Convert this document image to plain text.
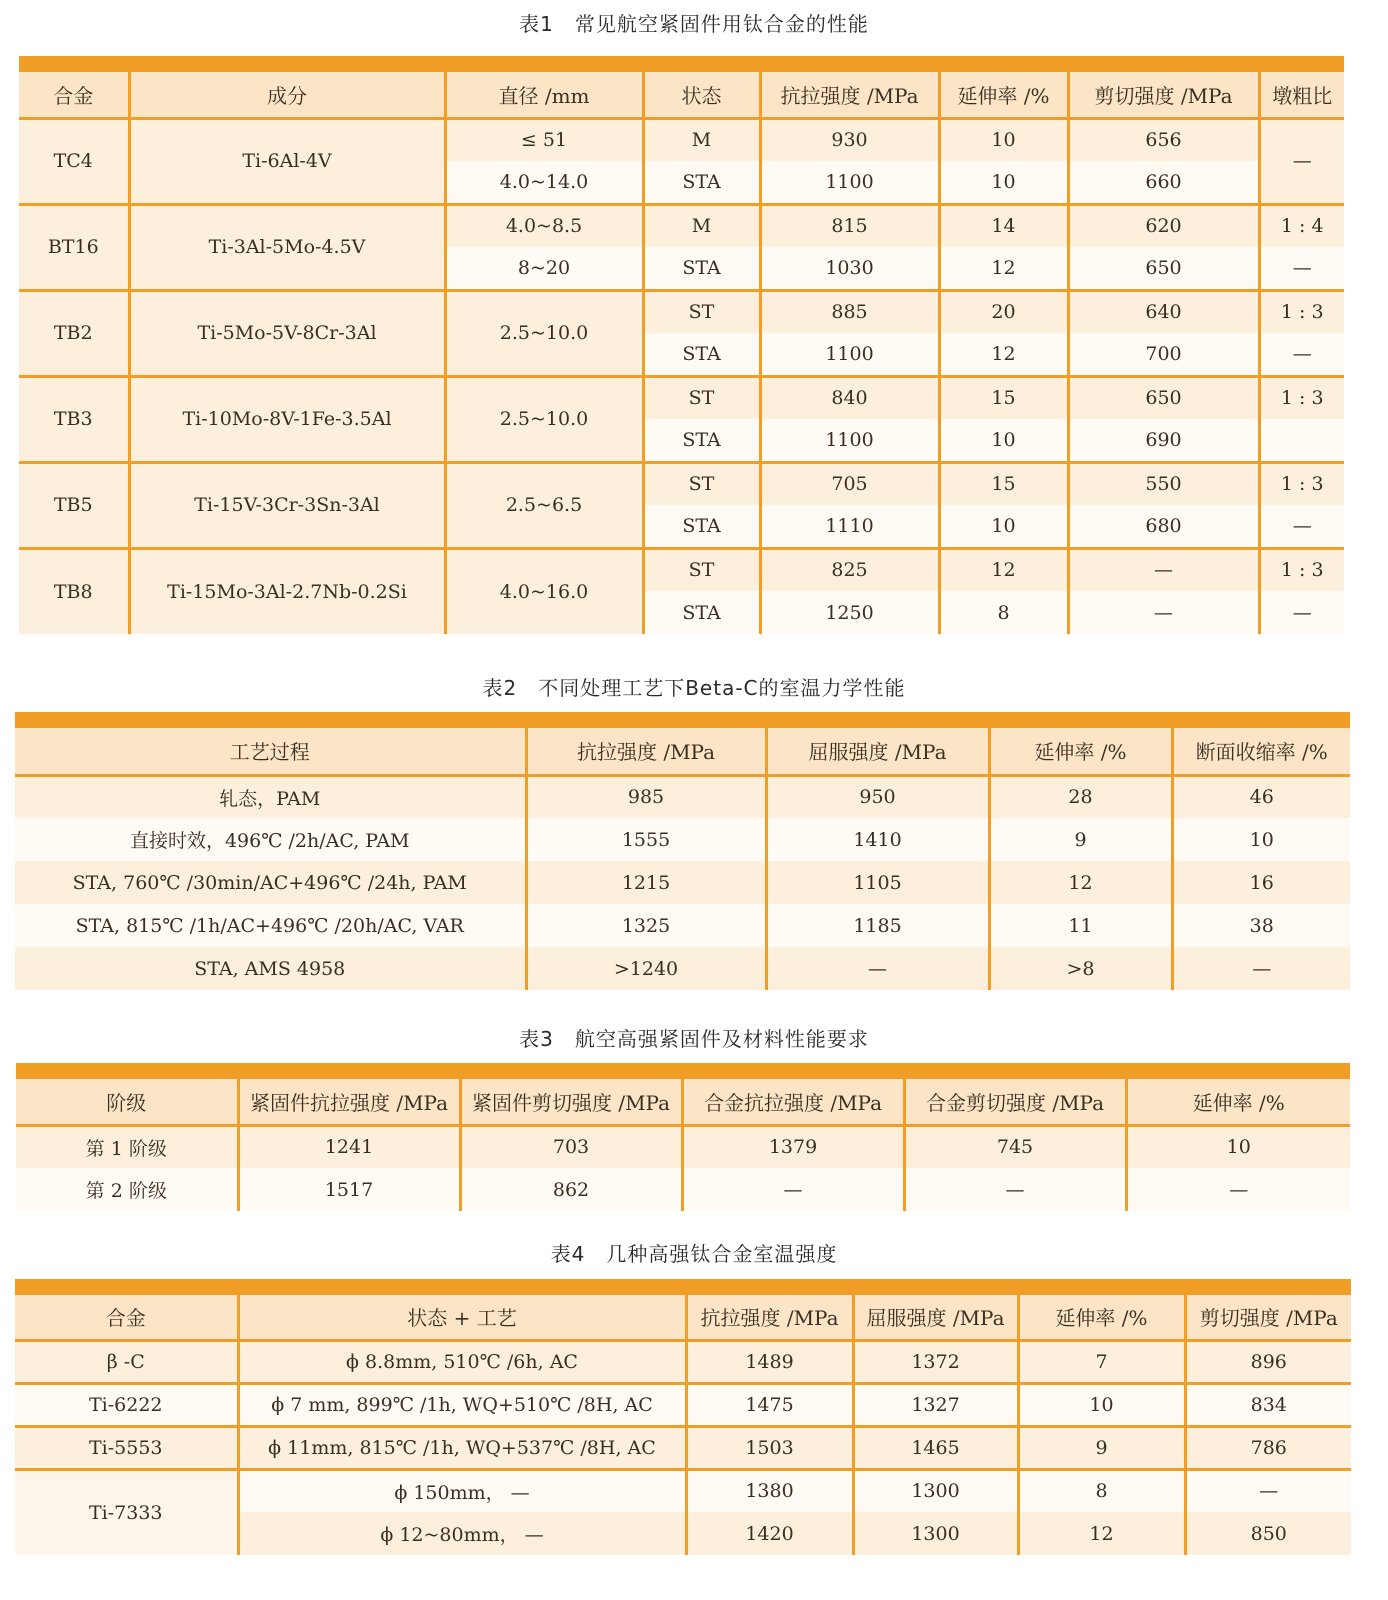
表1　常见航空紧固件用钛合金的性能
合金	成分	直径 /mm	状态	抗拉强度 /MPa	延伸率 /%	剪切强度 /MPa	墩粗比
TC4	Ti-6Al-4V	≤ 51	M	930	10	656	—
		4.0~14.0	STA	1100	10	660	
BT16	Ti-3Al-5Mo-4.5V	4.0~8.5	M	815	14	620	1 : 4
		8~20	STA	1030	12	650	—
TB2	Ti-5Mo-5V-8Cr-3Al	2.5~10.0	ST	885	20	640	1 : 3
			STA	1100	12	700	—
TB3	Ti-10Mo-8V-1Fe-3.5Al	2.5~10.0	ST	840	15	650	1 : 3
			STA	1100	10	690	
TB5	Ti-15V-3Cr-3Sn-3Al	2.5~6.5	ST	705	15	550	1 : 3
			STA	1110	10	680	—
TB8	Ti-15Mo-3Al-2.7Nb-0.2Si	4.0~16.0	ST	825	12	—	1 : 3
			STA	1250	8	—	—
表2　不同处理工艺下Beta-C的室温力学性能
工艺过程	抗拉强度 /MPa	屈服强度 /MPa	延伸率 /%	断面收缩率 /%
轧态，PAM	985	950	28	46
直接时效，496℃ /2h/AC, PAM	1555	1410	9	10
STA, 760℃ /30min/AC+496℃ /24h, PAM	1215	1105	12	16
STA, 815℃ /1h/AC+496℃ /20h/AC, VAR	1325	1185	11	38
STA, AMS 4958	>1240	—	>8	—
表3　航空高强紧固件及材料性能要求
阶级	紧固件抗拉强度 /MPa	紧固件剪切强度 /MPa	合金抗拉强度 /MPa	合金剪切强度 /MPa	延伸率 /%
第 1 阶级	1241	703	1379	745	10
第 2 阶级	1517	862	—	—	—
表4　几种高强钛合金室温强度
合金	状态 + 工艺	抗拉强度 /MPa	屈服强度 /MPa	延伸率 /%	剪切强度 /MPa
β -C	ϕ 8.8mm, 510℃ /6h, AC	1489	1372	7	896
Ti-6222	ϕ 7 mm, 899℃ /1h, WQ+510℃ /8H, AC	1475	1327	10	834
Ti-5553	ϕ 11mm, 815℃ /1h, WQ+537℃ /8H, AC	1503	1465	9	786
Ti-7333	ϕ 150mm， —	1380	1300	8	—
	ϕ 12~80mm， —	1420	1300	12	850
